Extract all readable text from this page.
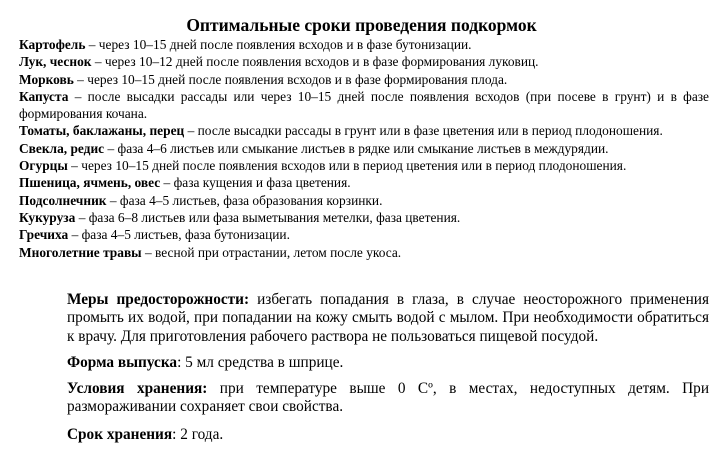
Оптимальные сроки проведения подкормок

Картофель – через 10–15 дней после появления всходов и в фазе бутонизации.

Лук, чеснок – через 10–12 дней после появления всходов и в фазе формирования луковиц.

Морковь – через 10–15 дней после появления всходов и в фазе формирования плода.

Капуста – после высадки рассады или через 10–15 дней после появления всходов (при посеве в грунт) и в фазе формирования кочана.

Томаты, баклажаны, перец – после высадки рассады в грунт или в фазе цветения или в период плодоношения.

Свекла, редис – фаза 4–6 листьев или смыкание листьев в рядке или смыкание листьев в междурядии.

Огурцы – через 10–15 дней после появления всходов или в период цветения или в период плодоношения.

Пшеница, ячмень, овес – фаза кущения и фаза цветения.

Подсолнечник – фаза 4–5 листьев, фаза образования корзинки.

Кукуруза – фаза 6–8 листьев или фаза выметывания метелки, фаза цветения.

Гречиха – фаза 4–5 листьев, фаза бутонизации.

Многолетние травы – весной при отрастании, летом после укоса.

Меры предосторожности: избегать попадания в глаза, в случае неосторожного применения промыть их водой, при попадании на кожу смыть водой с мылом. При необходимости обратиться к врачу. Для приготовления рабочего раствора не пользоваться пищевой посудой.
Форма выпуска: 5 мл средства в шприце.
Условия хранения: при температуре выше 0 Сº, в местах, недоступных детям. При размораживании сохраняет свои свойства.
Срок хранения: 2 года.
